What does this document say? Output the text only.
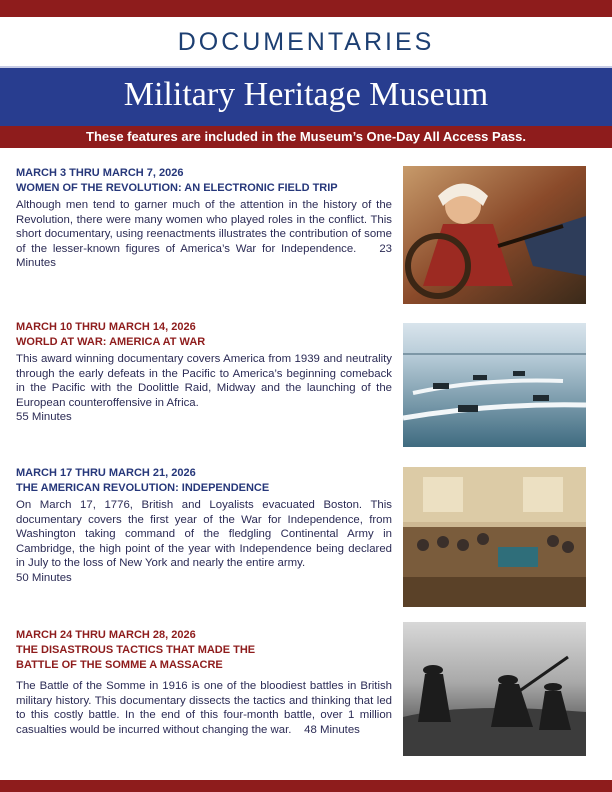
DOCUMENTARIES
Military Heritage Museum
These features are included in the Museum’s One-Day All Access Pass.
MARCH 3 THRU MARCH 7, 2026
WOMEN OF THE REVOLUTION: AN ELECTRONIC FIELD TRIP
Although men tend to garner much of the attention in the history of the Revolution, there were many women who played roles in the conflict. This short documentary, using reenactments illustrates the contribution of some of the lesser-known figures of America’s War for Independence. 23 Minutes
MARCH 10 THRU MARCH 14, 2026
WORLD AT WAR: AMERICA AT WAR
This award winning documentary covers America from 1939 and neutrality through the early defeats in the Pacific to America’s beginning comeback in the Pacific with the Doolittle Raid, Midway and the launching of the European counteroffensive in Africa.
55 Minutes
MARCH 17 THRU MARCH 21, 2026
THE AMERICAN REVOLUTION: INDEPENDENCE
On March 17, 1776, British and Loyalists evacuated Boston. This documentary covers the first year of the War for Independence, from Washington taking command of the fledgling Continental Army in Cambridge, the high point of the year with Independence being declared in July to the loss of New York and nearly the entire army.
50 Minutes
MARCH 24 THRU MARCH 28, 2026
THE DISASTROUS TACTICS THAT MADE THE
BATTLE OF THE SOMME A MASSACRE
The Battle of the Somme in 1916 is one of the bloodiest battles in British military history. This documentary dissects the tactics and thinking that led to this costly battle. In the end of this four-month battle, over 1 million casualties would be incurred without changing the war. 48 Minutes
